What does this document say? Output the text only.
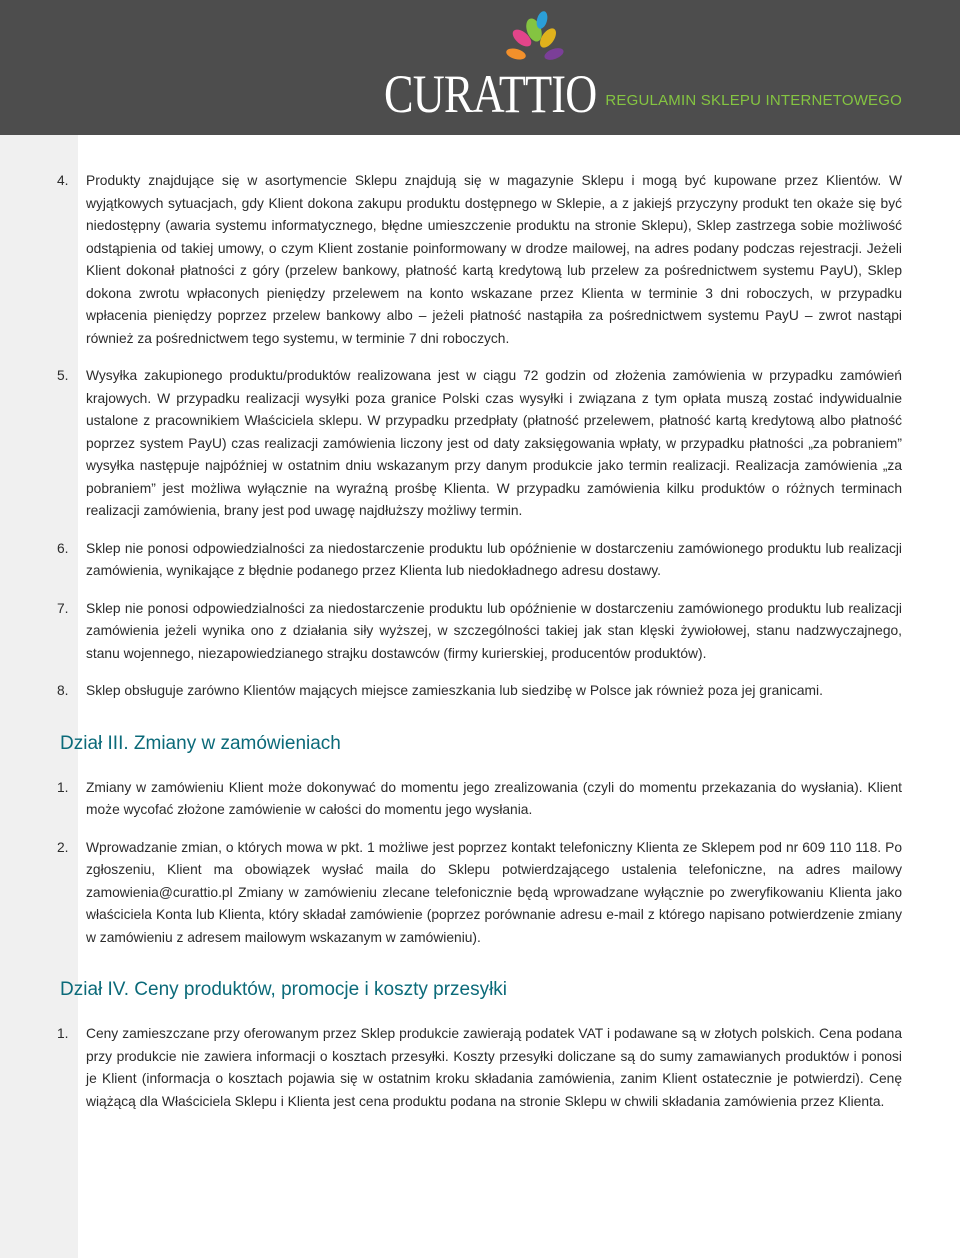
CURATTIO REGULAMIN SKLEPU INTERNETOWEGO
4. Produkty znajdujące się w asortymencie Sklepu znajdują się w magazynie Sklepu i mogą być kupowane przez Klientów. W wyjątkowych sytuacjach, gdy Klient dokona zakupu produktu dostępnego w Sklepie, a z jakiejś przyczyny produkt ten okaże się być niedostępny (awaria systemu informatycznego, błędne umieszczenie produktu na stronie Sklepu), Sklep zastrzega sobie możliwość odstąpienia od takiej umowy, o czym Klient zostanie poinformowany w drodze mailowej, na adres podany podczas rejestracji. Jeżeli Klient dokonał płatności z góry (przelew bankowy, płatność kartą kredytową lub przelew za pośrednictwem systemu PayU), Sklep dokona zwrotu wpłaconych pieniędzy przelewem na konto wskazane przez Klienta w terminie 3 dni roboczych, w przypadku wpłacenia pieniędzy poprzez przelew bankowy albo – jeżeli płatność nastąpiła za pośrednictwem systemu PayU – zwrot nastąpi również za pośrednictwem tego systemu, w terminie 7 dni roboczych.
5. Wysyłka zakupionego produktu/produktów realizowana jest w ciągu 72 godzin od złożenia zamówienia w przypadku zamówień krajowych. W przypadku realizacji wysyłki poza granice Polski czas wysyłki i związana z tym opłata muszą zostać indywidualnie ustalone z pracownikiem Właściciela sklepu. W przypadku przedpłaty (płatność przelewem, płatność kartą kredytową albo płatność poprzez system PayU) czas realizacji zamówienia liczony jest od daty zaksięgowania wpłaty, w przypadku płatności „za pobraniem” wysyłka następuje najpóźniej w ostatnim dniu wskazanym przy danym produkcie jako termin realizacji. Realizacja zamówienia „za pobraniem” jest możliwa wyłącznie na wyraźną prośbę Klienta. W przypadku zamówienia kilku produktów o różnych terminach realizacji zamówienia, brany jest pod uwagę najdłuższy możliwy termin.
6. Sklep nie ponosi odpowiedzialności za niedostarczenie produktu lub opóźnienie w dostarczeniu zamówionego produktu lub realizacji zamówienia, wynikające z błędnie podanego przez Klienta lub niedokładnego adresu dostawy.
7. Sklep nie ponosi odpowiedzialności za niedostarczenie produktu lub opóźnienie w dostarczeniu zamówionego produktu lub realizacji zamówienia jeżeli wynika ono z działania siły wyższej, w szczególności takiej jak stan klęski żywiołowej, stanu nadzwyczajnego, stanu wojennego, niezapowiedzianego strajku dostawców (firmy kurierskiej, producentów produktów).
8. Sklep obsługuje zarówno Klientów mających miejsce zamieszkania lub siedzibę w Polsce jak również poza jej granicami.
Dział III. Zmiany w zamówieniach
1. Zmiany w zamówieniu Klient może dokonywać do momentu jego zrealizowania (czyli do momentu przekazania do wysłania). Klient może wycofać złożone zamówienie w całości do momentu jego wysłania.
2. Wprowadzanie zmian, o których mowa w pkt. 1 możliwe jest poprzez kontakt telefoniczny Klienta ze Sklepem pod nr 609 110 118. Po zgłoszeniu, Klient ma obowiązek wysłać maila do Sklepu potwierdzającego ustalenia telefoniczne, na adres mailowy zamowienia@curattio.pl Zmiany w zamówieniu zlecane telefonicznie będą wprowadzane wyłącznie po zweryfikowaniu Klienta jako właściciela Konta lub Klienta, który składał zamówienie (poprzez porównanie adresu e-mail z którego napisano potwierdzenie zmiany w zamówieniu z adresem mailowym wskazanym w zamówieniu).
Dział IV. Ceny produktów, promocje i koszty przesyłki
1. Ceny zamieszczane przy oferowanym przez Sklep produkcie zawierają podatek VAT i podawane są w złotych polskich. Cena podana przy produkcie nie zawiera informacji o kosztach przesyłki. Koszty przesyłki doliczane są do sumy zamawianych produktów i ponosi je Klient (informacja o kosztach pojawia się w ostatnim kroku składania zamówienia, zanim Klient ostatecznie je potwierdzi). Cenę wiążącą dla Właściciela Sklepu i Klienta jest cena produktu podana na stronie Sklepu w chwili składania zamówienia przez Klienta.
